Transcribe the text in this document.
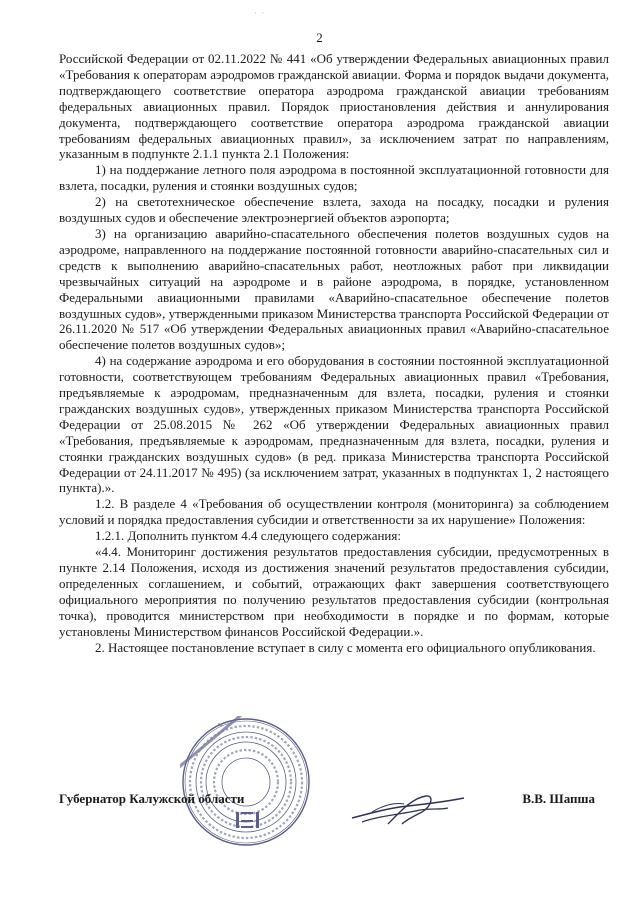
· ·
2

Российской Федерации от 02.11.2022 № 441 «Об утверждении Федеральных авиационных правил «Требования к операторам аэродромов гражданской авиации. Форма и порядок выдачи документа, подтверждающего соответствие оператора аэродрома гражданской авиации требованиям федеральных авиационных правил. Порядок приостановления действия и аннулирования документа, подтверждающего соответствие оператора аэродрома гражданской авиации требованиям федеральных авиационных правил», за исключением затрат по направлениям, указанным в подпункте 2.1.1 пункта 2.1 Положения:

1) на поддержание летного поля аэродрома в постоянной эксплуатационной готовности для взлета, посадки, руления и стоянки воздушных судов;

2) на светотехническое обеспечение взлета, захода на посадку, посадки и руления воздушных судов и обеспечение электроэнергией объектов аэропорта;

3) на организацию аварийно-спасательного обеспечения полетов воздушных судов на аэродроме, направленного на поддержание постоянной готовности аварийно-спасательных сил и средств к выполнению аварийно-спасательных работ, неотложных работ при ликвидации чрезвычайных ситуаций на аэродроме и в районе аэродрома, в порядке, установленном Федеральными авиационными правилами «Аварийно-спасательное обеспечение полетов воздушных судов», утвержденными приказом Министерства транспорта Российской Федерации от 26.11.2020 № 517 «Об утверждении Федеральных авиационных правил «Аварийно-спасательное обеспечение полетов воздушных судов»;

4) на содержание аэродрома и его оборудования в состоянии постоянной эксплуатационной готовности, соответствующем требованиям Федеральных авиационных правил «Требования, предъявляемые к аэродромам, предназначенным для взлета, посадки, руления и стоянки гражданских воздушных судов», утвержденных приказом Министерства транспорта Российской Федерации от 25.08.2015 № 262 «Об утверждении Федеральных авиационных правил «Требования, предъявляемые к аэродромам, предназначенным для взлета, посадки, руления и стоянки гражданских воздушных судов» (в ред. приказа Министерства транспорта Российской Федерации от 24.11.2017 № 495) (за исключением затрат, указанных в подпунктах 1, 2 настоящего пункта).».

1.2. В разделе 4 «Требования об осуществлении контроля (мониторинга) за соблюдением условий и порядка предоставления субсидии и ответственности за их нарушение» Положения:

1.2.1. Дополнить пунктом 4.4 следующего содержания:

«4.4. Мониторинг достижения результатов предоставления субсидии, предусмотренных в пункте 2.14 Положения, исходя из достижения значений результатов предоставления субсидии, определенных соглашением, и событий, отражающих факт завершения соответствующего официального мероприятия по получению результатов предоставления субсидии (контрольная точка), проводится министерством при необходимости в порядке и по формам, которые установлены Министерством финансов Российской Федерации.».

2. Настоящее постановление вступает в силу с момента его официального опубликования.

Губернатор Калужской области	В.В. Шапша
